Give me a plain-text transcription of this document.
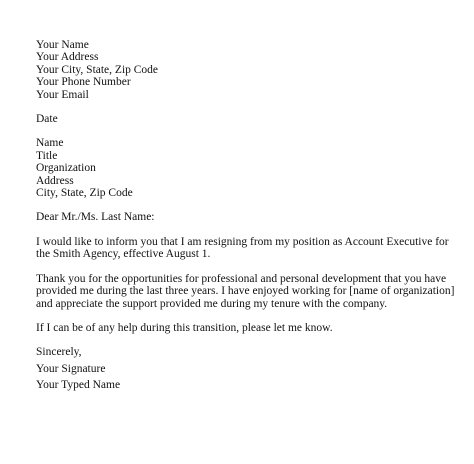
Your Name
Your Address
Your City, State, Zip Code
Your Phone Number
Your Email
Date
Name
Title
Organization
Address
City, State, Zip Code
Dear Mr./Ms. Last Name:
I would like to inform you that I am resigning from my position as Account Executive for the Smith Agency, effective August 1.
Thank you for the opportunities for professional and personal development that you have provided me during the last three years. I have enjoyed working for [name of organization] and appreciate the support provided me during my tenure with the company.
If I can be of any help during this transition, please let me know.
Sincerely,
Your Signature
Your Typed Name
